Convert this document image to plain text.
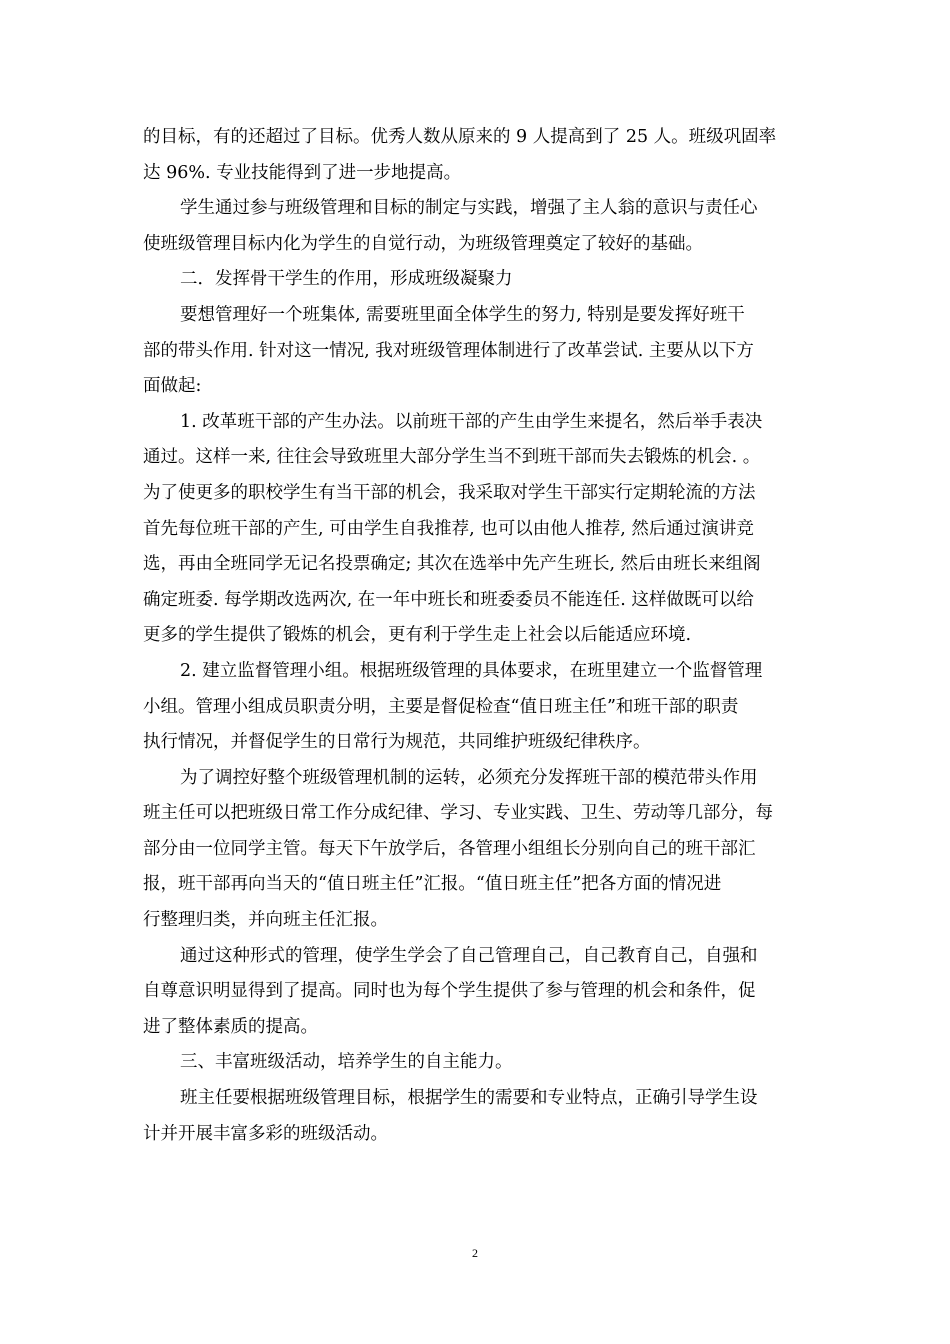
的目标，有的还超过了目标。优秀人数从原来的 9 人提高到了 25 人。班级巩固率
达 96%. 专业技能得到了进一步地提高。
学生通过参与班级管理和目标的制定与实践，增强了主人翁的意识与责任心
使班级管理目标内化为学生的自觉行动，为班级管理奠定了较好的基础。
二．发挥骨干学生的作用，形成班级凝聚力
要想管理好一个班集体, 需要班里面全体学生的努力, 特别是要发挥好班干
部的带头作用. 针对这一情况, 我对班级管理体制进行了改革尝试. 主要从以下方
面做起:
1. 改革班干部的产生办法。以前班干部的产生由学生来提名，然后举手表决
通过。这样一来, 往往会导致班里大部分学生当不到班干部而失去锻炼的机会. 。
为了使更多的职校学生有当干部的机会，我采取对学生干部实行定期轮流的方法
首先每位班干部的产生, 可由学生自我推荐, 也可以由他人推荐, 然后通过演讲竞
选，再由全班同学无记名投票确定; 其次在选举中先产生班长, 然后由班长来组阁
确定班委. 每学期改选两次, 在一年中班长和班委委员不能连任. 这样做既可以给
更多的学生提供了锻炼的机会，更有利于学生走上社会以后能适应环境.
2. 建立监督管理小组。根据班级管理的具体要求，在班里建立一个监督管理
小组。管理小组成员职责分明，主要是督促检查“值日班主任”和班干部的职责
执行情况，并督促学生的日常行为规范，共同维护班级纪律秩序。
为了调控好整个班级管理机制的运转，必须充分发挥班干部的模范带头作用
班主任可以把班级日常工作分成纪律、学习、专业实践、卫生、劳动等几部分，每
部分由一位同学主管。每天下午放学后，各管理小组组长分别向自己的班干部汇
报，班干部再向当天的“值日班主任”汇报。“值日班主任”把各方面的情况进
行整理归类，并向班主任汇报。
通过这种形式的管理，使学生学会了自己管理自己，自己教育自己，自强和
自尊意识明显得到了提高。同时也为每个学生提供了参与管理的机会和条件，促
进了整体素质的提高。
三、丰富班级活动，培养学生的自主能力。
班主任要根据班级管理目标，根据学生的需要和专业特点，正确引导学生设
计并开展丰富多彩的班级活动。
2
